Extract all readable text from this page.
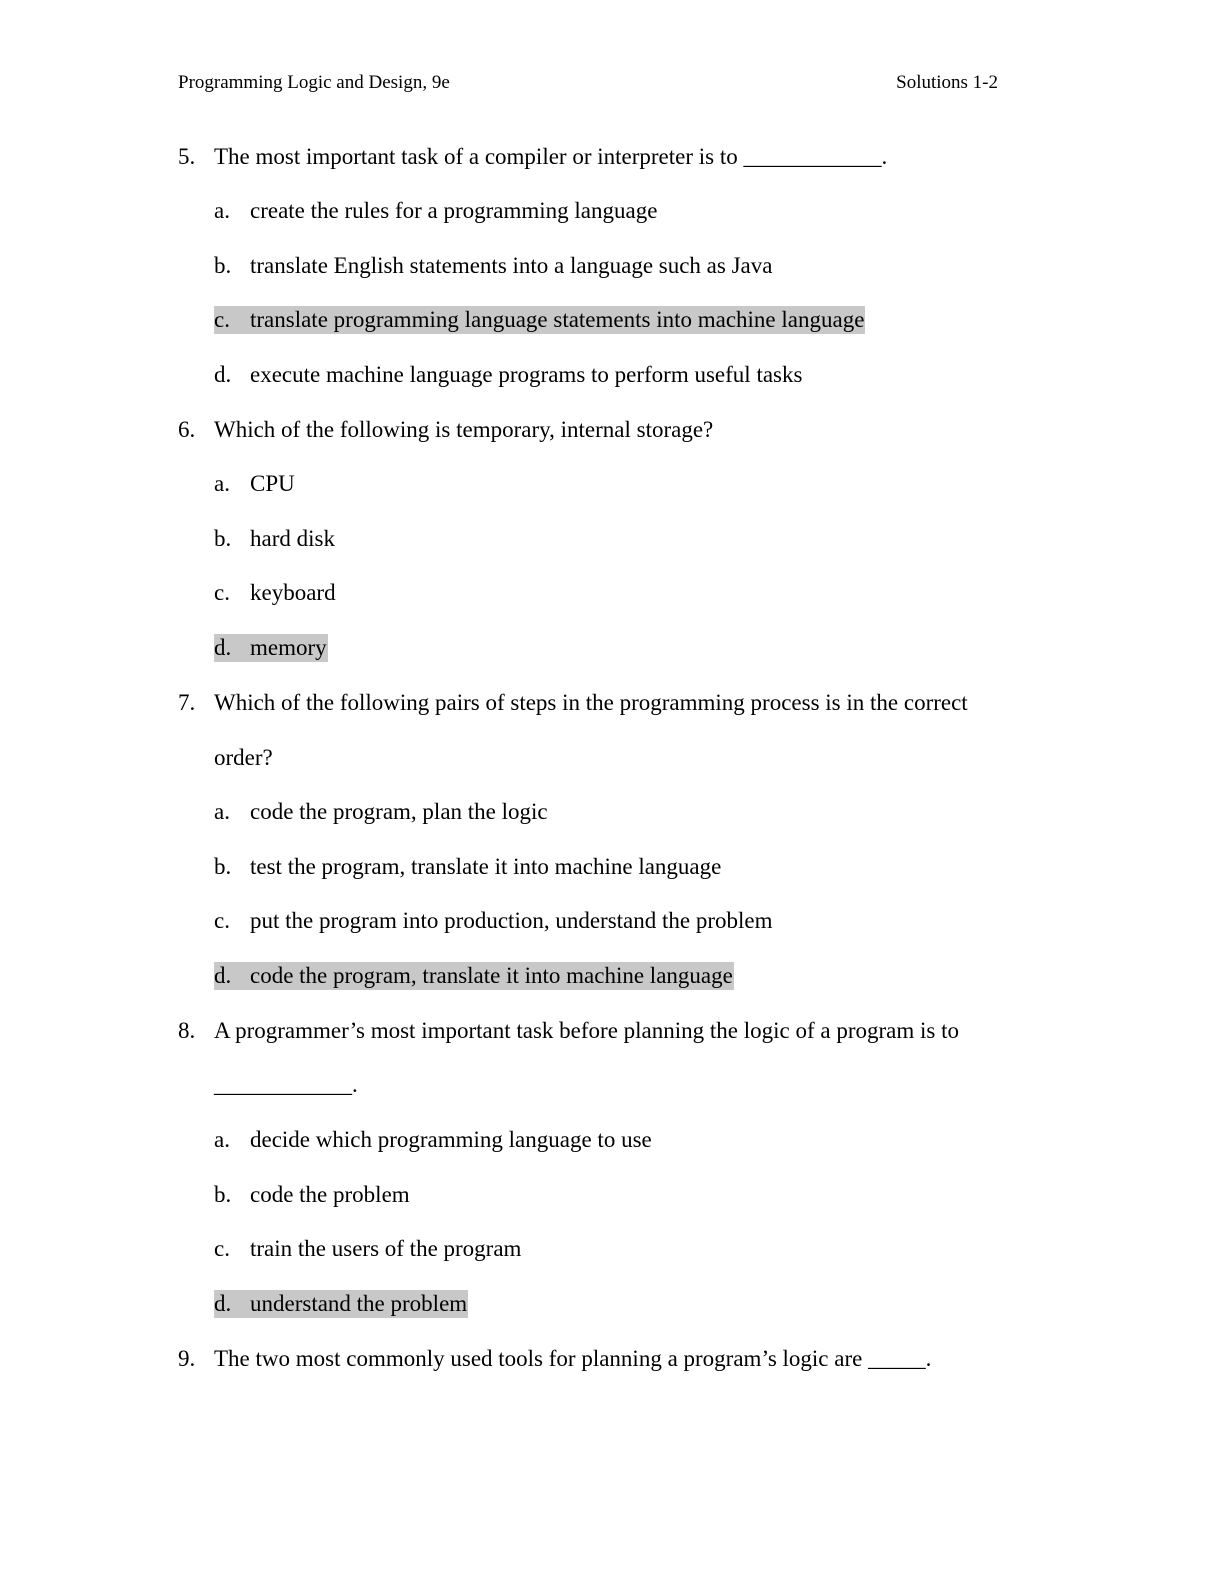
Programming Logic and Design, 9e	Solutions 1-2
5. The most important task of a compiler or interpreter is to ____________.
a. create the rules for a programming language
b. translate English statements into a language such as Java
c. translate programming language statements into machine language
d. execute machine language programs to perform useful tasks
6. Which of the following is temporary, internal storage?
a. CPU
b. hard disk
c. keyboard
d. memory
7. Which of the following pairs of steps in the programming process is in the correct
order?
a. code the program, plan the logic
b. test the program, translate it into machine language
c. put the program into production, understand the problem
d. code the program, translate it into machine language
8. A programmer’s most important task before planning the logic of a program is to
____________.
a. decide which programming language to use
b. code the problem
c. train the users of the program
d. understand the problem
9. The two most commonly used tools for planning a program’s logic are _____.
